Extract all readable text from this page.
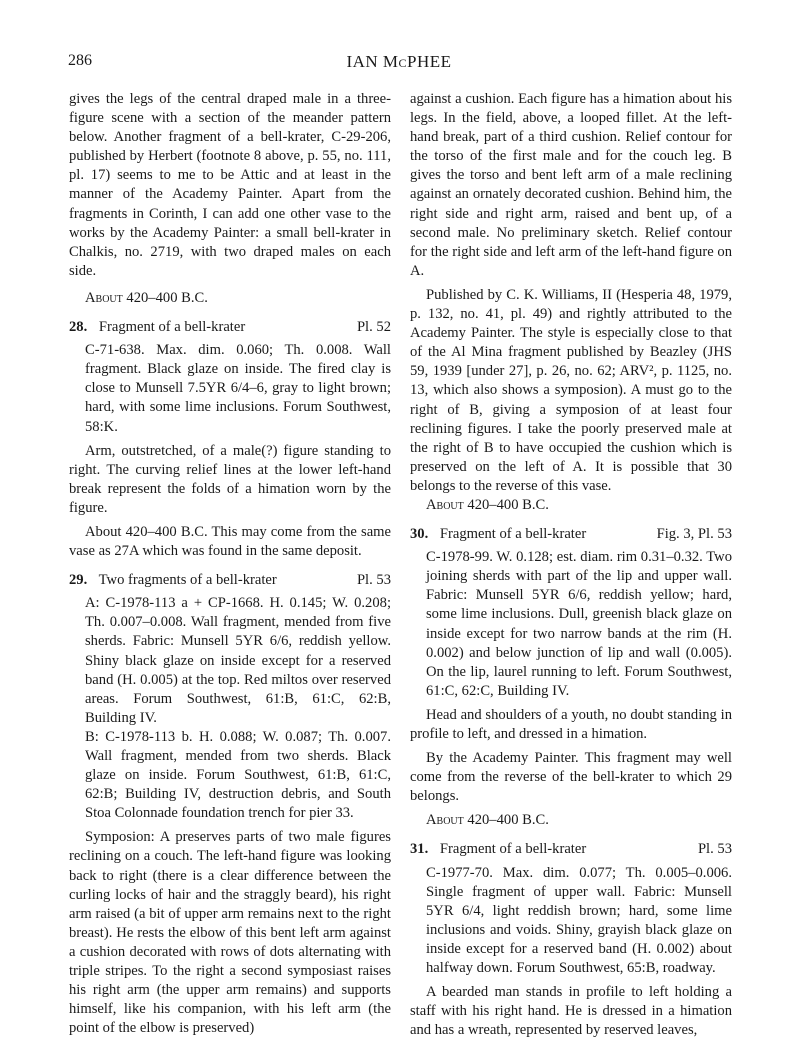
286	IAN McPHEE

gives the legs of the central draped male in a three-figure scene with a section of the meander pattern below. Another fragment of a bell-krater, C-29-206, published by Herbert (footnote 8 above, p. 55, no. 111, pl. 17) seems to me to be Attic and at least in the manner of the Academy Painter. Apart from the fragments in Corinth, I can add one other vase to the works by the Academy Painter: a small bell-krater in Chalkis, no. 2719, with two draped males on each side.

About 420–400 B.C.

28. Fragment of a bell-krater	Pl. 52

C-71-638. Max. dim. 0.060; Th. 0.008. Wall fragment. Black glaze on inside. The fired clay is close to Munsell 7.5YR 6/4–6, gray to light brown; hard, with some lime inclusions. Forum Southwest, 58:K.

Arm, outstretched, of a male(?) figure standing to right. The curving relief lines at the lower left-hand break represent the folds of a himation worn by the figure.

About 420–400 B.C. This may come from the same vase as 27A which was found in the same deposit.

29. Two fragments of a bell-krater	Pl. 53

A: C-1978-113 a + CP-1668. H. 0.145; W. 0.208; Th. 0.007–0.008. Wall fragment, mended from five sherds. Fabric: Munsell 5YR 6/6, reddish yellow. Shiny black glaze on inside except for a reserved band (H. 0.005) at the top. Red miltos over reserved areas. Forum Southwest, 61:B, 61:C, 62:B, Building IV.

B: C-1978-113 b. H. 0.088; W. 0.087; Th. 0.007. Wall fragment, mended from two sherds. Black glaze on inside. Forum Southwest, 61:B, 61:C, 62:B; Building IV, destruction debris, and South Stoa Colonnade foundation trench for pier 33.

Symposion: A preserves parts of two male figures reclining on a couch. The left-hand figure was looking back to right (there is a clear difference between the curling locks of hair and the straggly beard), his right arm raised (a bit of upper arm remains next to the right breast). He rests the elbow of this bent left arm against a cushion decorated with rows of dots alternating with triple stripes. To the right a second symposiast raises his right arm (the upper arm remains) and supports himself, like his companion, with his left arm (the point of the elbow is preserved)

against a cushion. Each figure has a himation about his legs. In the field, above, a looped fillet. At the left-hand break, part of a third cushion. Relief contour for the torso of the first male and for the couch leg. B gives the torso and bent left arm of a male reclining against an ornately decorated cushion. Behind him, the right side and right arm, raised and bent up, of a second male. No preliminary sketch. Relief contour for the right side and left arm of the left-hand figure on A.

Published by C. K. Williams, II (Hesperia 48, 1979, p. 132, no. 41, pl. 49) and rightly attributed to the Academy Painter. The style is especially close to that of the Al Mina fragment published by Beazley (JHS 59, 1939 [under 27], p. 26, no. 62; ARV², p. 1125, no. 13, which also shows a symposion). A must go to the right of B, giving a symposion of at least four reclining figures. I take the poorly preserved male at the right of B to have occupied the cushion which is preserved on the left of A. It is possible that 30 belongs to the reverse of this vase.

About 420–400 B.C.

30. Fragment of a bell-krater	Fig. 3, Pl. 53

C-1978-99. W. 0.128; est. diam. rim 0.31–0.32. Two joining sherds with part of the lip and upper wall. Fabric: Munsell 5YR 6/6, reddish yellow; hard, some lime inclusions. Dull, greenish black glaze on inside except for two narrow bands at the rim (H. 0.002) and below junction of lip and wall (0.005). On the lip, laurel running to left. Forum Southwest, 61:C, 62:C, Building IV.

Head and shoulders of a youth, no doubt standing in profile to left, and dressed in a himation.

By the Academy Painter. This fragment may well come from the reverse of the bell-krater to which 29 belongs.

About 420–400 B.C.

31. Fragment of a bell-krater	Pl. 53

C-1977-70. Max. dim. 0.077; Th. 0.005–0.006. Single fragment of upper wall. Fabric: Munsell 5YR 6/4, light reddish brown; hard, some lime inclusions and voids. Shiny, grayish black glaze on inside except for a reserved band (H. 0.002) about halfway down. Forum Southwest, 65:B, roadway.

A bearded man stands in profile to left holding a staff with his right hand. He is dressed in a himation and has a wreath, represented by reserved leaves,
